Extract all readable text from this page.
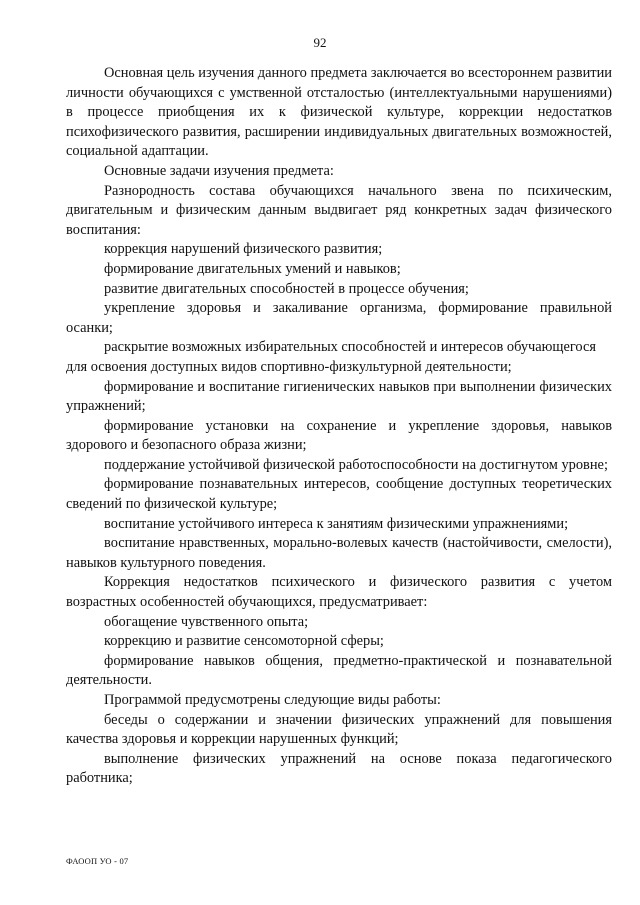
92

Основная цель изучения данного предмета заключается во всестороннем развитии личности обучающихся с умственной отсталостью (интеллектуальными нарушениями) в процессе приобщения их к физической культуре, коррекции недостатков психофизического развития, расширении индивидуальных двигательных возможностей, социальной адаптации.

Основные задачи изучения предмета:

Разнородность состава обучающихся начального звена по психическим, двигательным и физическим данным выдвигает ряд конкретных задач физического воспитания:

коррекция нарушений физического развития;

формирование двигательных умений и навыков;

развитие двигательных способностей в процессе обучения;

укрепление здоровья и закаливание организма, формирование правильной осанки;

раскрытие возможных избирательных способностей и интересов обучающегося

для освоения доступных видов спортивно-физкультурной деятельности;

формирование и воспитание гигиенических навыков при выполнении физических упражнений;

формирование установки на сохранение и укрепление здоровья, навыков здорового и безопасного образа жизни;

поддержание устойчивой физической работоспособности на достигнутом уровне;

формирование познавательных интересов, сообщение доступных теоретических сведений по физической культуре;

воспитание устойчивого интереса к занятиям физическими упражнениями;

воспитание нравственных, морально-волевых качеств (настойчивости, смелости), навыков культурного поведения.

Коррекция недостатков психического и физического развития с учетом возрастных особенностей обучающихся, предусматривает:

обогащение чувственного опыта;

коррекцию и развитие сенсомоторной сферы;

формирование навыков общения, предметно-практической и познавательной деятельности.

Программой предусмотрены следующие виды работы:

беседы о содержании и значении физических упражнений для повышения качества здоровья и коррекции нарушенных функций;

выполнение физических упражнений на основе показа педагогического работника;

ФАООП УО - 07
